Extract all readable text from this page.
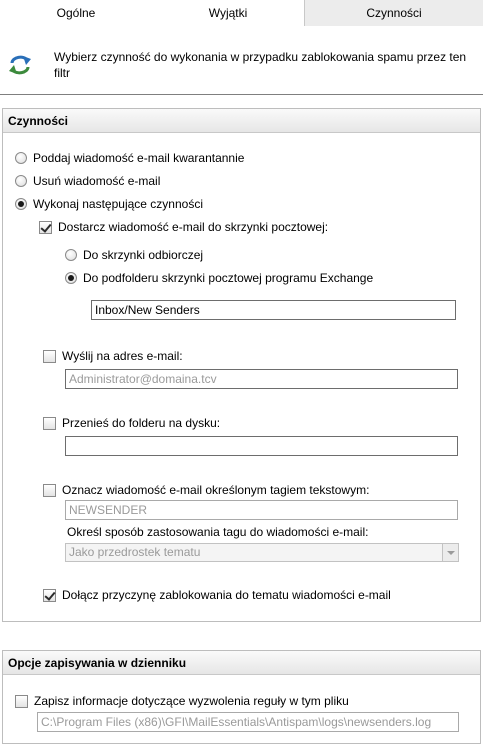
Ogólne	Wyjątki	Czynności
Wybierz czynność do wykonania w przypadku zablokowania spamu przez ten filtr
Czynności
Poddaj wiadomość e-mail kwarantannie
Usuń wiadomość e-mail
Wykonaj następujące czynności
Dostarcz wiadomość e-mail do skrzynki pocztowej:
Do skrzynki odbiorczej
Do podfolderu skrzynki pocztowej programu Exchange
Inbox/New Senders
Wyślij na adres e-mail:
Administrator@domaina.tcv
Przenieś do folderu na dysku:
Oznacz wiadomość e-mail określonym tagiem tekstowym:
NEWSENDER
Określ sposób zastosowania tagu do wiadomości e-mail:
Jako przedrostek tematu
Dołącz przyczynę zablokowania do tematu wiadomości e-mail
Opcje zapisywania w dzienniku
Zapisz informacje dotyczące wyzwolenia reguły w tym pliku
C:\Program Files (x86)\GFI\MailEssentials\Antispam\logs\newsenders.log
